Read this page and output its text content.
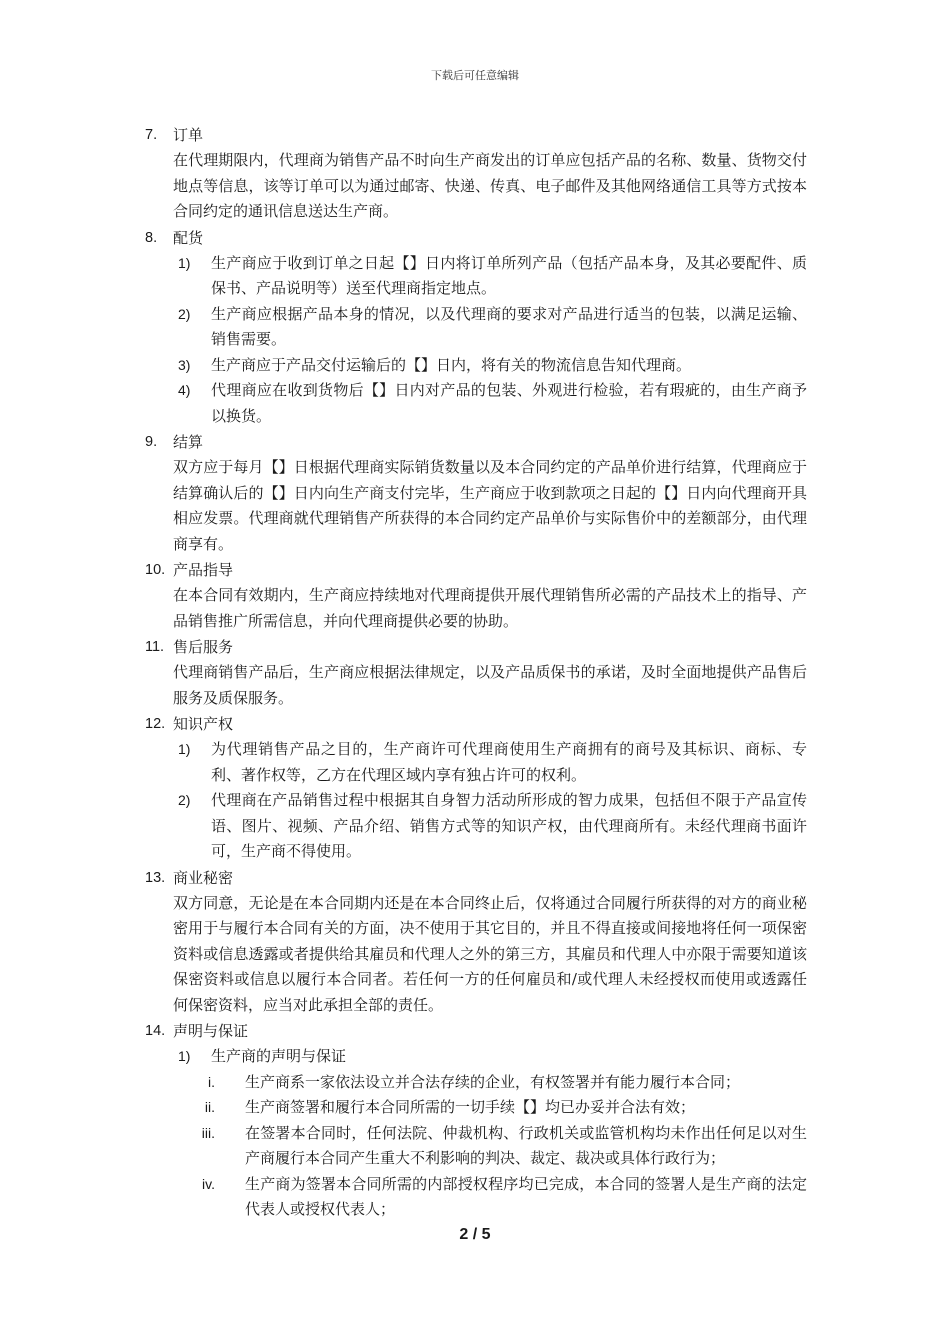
下载后可任意编辑
7. 订单
在代理期限内，代理商为销售产品不时向生产商发出的订单应包括产品的名称、数量、货物交付地点等信息，该等订单可以为通过邮寄、快递、传真、电子邮件及其他网络通信工具等方式按本合同约定的通讯信息送达生产商。
8. 配货
1) 生产商应于收到订单之日起【】日内将订单所列产品（包括产品本身，及其必要配件、质保书、产品说明等）送至代理商指定地点。
2) 生产商应根据产品本身的情况，以及代理商的要求对产品进行适当的包装，以满足运输、销售需要。
3) 生产商应于产品交付运输后的【】日内，将有关的物流信息告知代理商。
4) 代理商应在收到货物后【】日内对产品的包装、外观进行检验，若有瑕疵的，由生产商予以换货。
9. 结算
双方应于每月【】日根据代理商实际销货数量以及本合同约定的产品单价进行结算，代理商应于结算确认后的【】日内向生产商支付完毕，生产商应于收到款项之日起的【】日内向代理商开具相应发票。代理商就代理销售产所获得的本合同约定产品单价与实际售价中的差额部分，由代理商享有。
10. 产品指导
在本合同有效期内，生产商应持续地对代理商提供开展代理销售所必需的产品技术上的指导、产品销售推广所需信息，并向代理商提供必要的协助。
11. 售后服务
代理商销售产品后，生产商应根据法律规定，以及产品质保书的承诺，及时全面地提供产品售后服务及质保服务。
12. 知识产权
1) 为代理销售产品之目的，生产商许可代理商使用生产商拥有的商号及其标识、商标、专利、著作权等，乙方在代理区域内享有独占许可的权利。
2) 代理商在产品销售过程中根据其自身智力活动所形成的智力成果，包括但不限于产品宣传语、图片、视频、产品介绍、销售方式等的知识产权，由代理商所有。未经代理商书面许可，生产商不得使用。
13. 商业秘密
双方同意，无论是在本合同期内还是在本合同终止后，仅将通过合同履行所获得的对方的商业秘密用于与履行本合同有关的方面，决不使用于其它目的，并且不得直接或间接地将任何一项保密资料或信息透露或者提供给其雇员和代理人之外的第三方，其雇员和代理人中亦限于需要知道该保密资料或信息以履行本合同者。若任何一方的任何雇员和/或代理人未经授权而使用或透露任何保密资料，应当对此承担全部的责任。
14. 声明与保证
1) 生产商的声明与保证
i. 生产商系一家依法设立并合法存续的企业，有权签署并有能力履行本合同；
ii. 生产商签署和履行本合同所需的一切手续【】均已办妥并合法有效；
iii. 在签署本合同时，任何法院、仲裁机构、行政机关或监管机构均未作出任何足以对生产商履行本合同产生重大不利影响的判决、裁定、裁决或具体行政行为；
iv. 生产商为签署本合同所需的内部授权程序均已完成，本合同的签署人是生产商的法定代表人或授权代表人；
2 / 5
